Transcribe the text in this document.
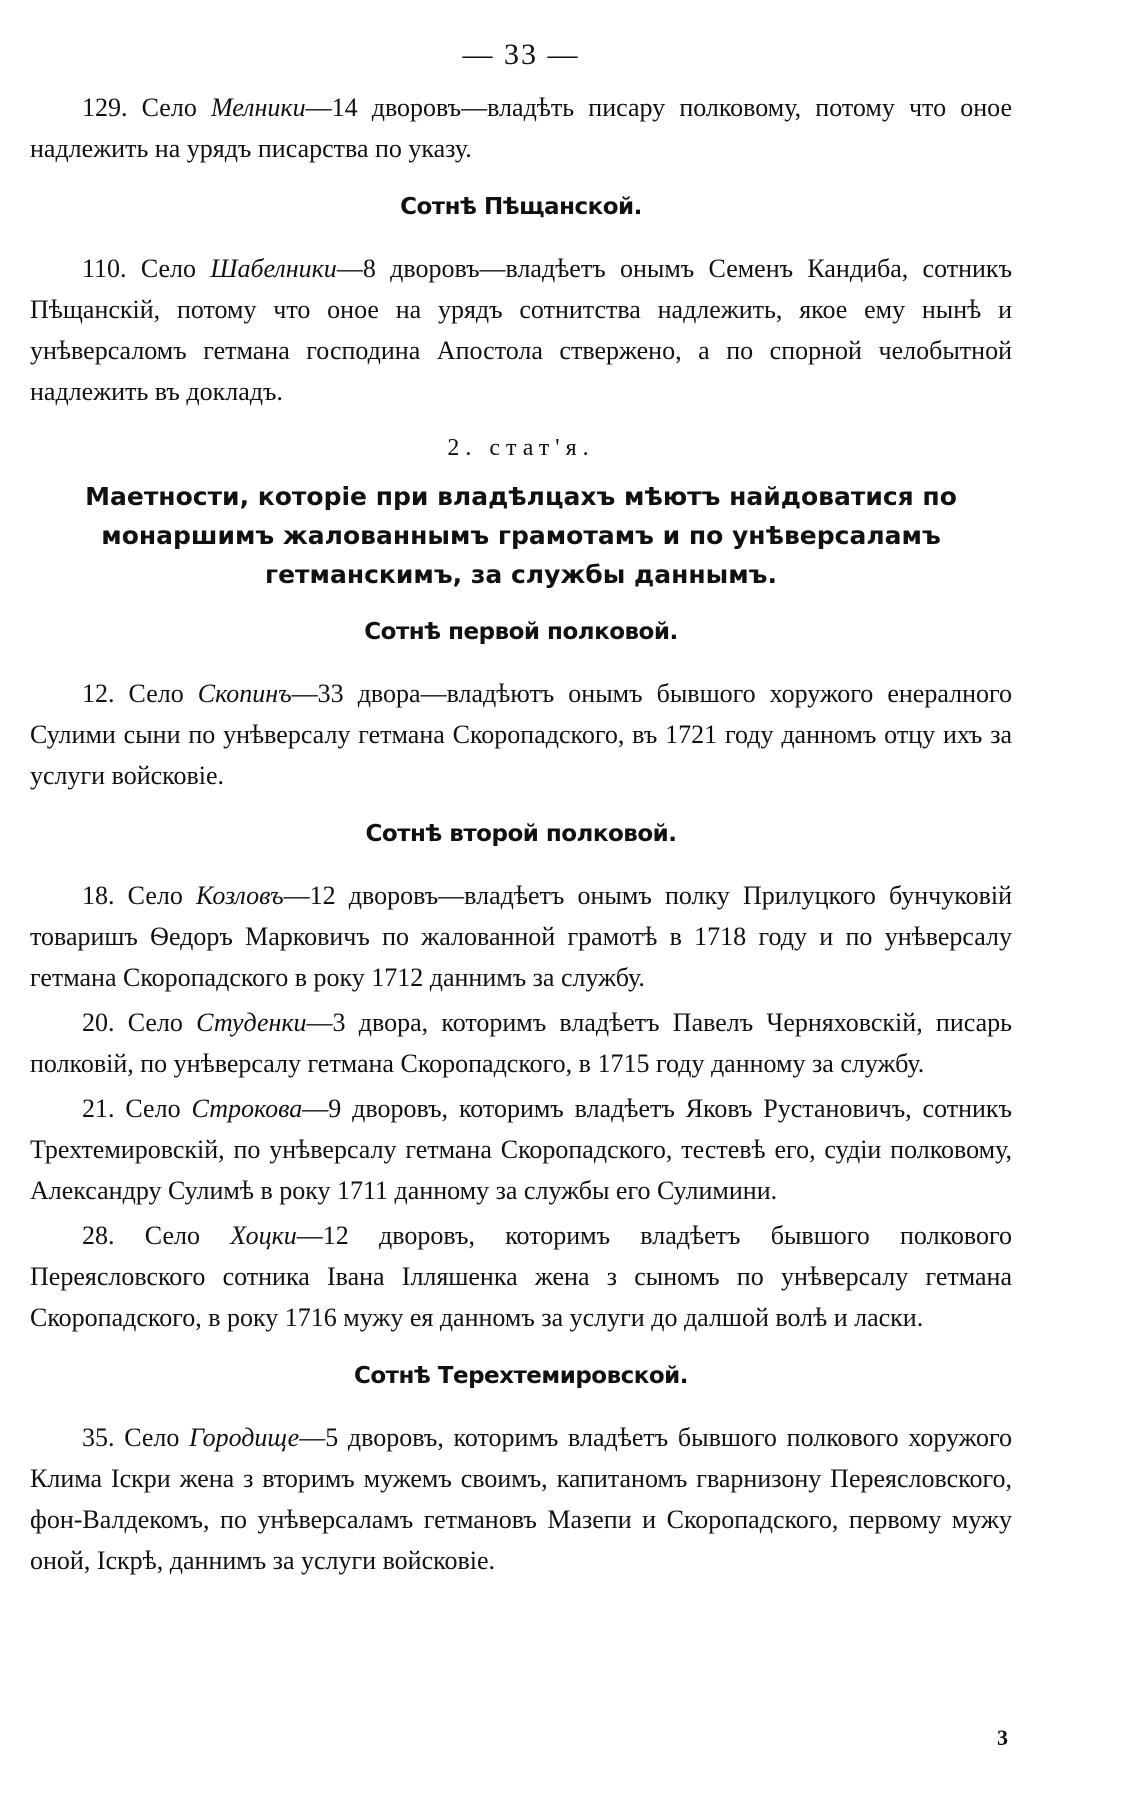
— 33 —

129. Село Мелники—14 дворовъ—владѣть писару полковому, потому что оное надлежить на урядъ писарства по указу.

Сотнѣ Пѣщанской.

110. Село Шабелники—8 дворовъ—владѣетъ онымъ Семенъ Кандиба, сотникъ Пѣщанскій, потому что оное на урядъ сотнитства надлежить, якое ему нынѣ и унѣверсаломъ гетмана господина Апостола ствержено, а по спорной челобытной надлежить въ докладъ.

2. стат'я.
Маетности, которіе при владѣлцахъ мѣютъ найдоватися по монаршимъ жалованнымъ грамотамъ и по унѣверсаламъ гетманскимъ, за службы даннымъ.
Сотнѣ первой полковой.

12. Село Скопинъ—33 двора—владѣютъ онымъ бывшого хоружого енералного Сулими сыни по унѣверсалу гетмана Скоропадского, въ 1721 году данномъ отцу ихъ за услуги войсковіе.

Сотнѣ второй полковой.

18. Село Козловъ—12 дворовъ—владѣетъ онымъ полку Прилуцкого бунчуковій товаришъ Ѳедоръ Марковичъ по жалованной грамотѣ в 1718 году и по унѣверсалу гетмана Скоропадского в року 1712 даннимъ за службу.

20. Село Студенки—3 двора, которимъ владѣетъ Павелъ Черняховскій, писарь полковій, по унѣверсалу гетмана Скоропадского, в 1715 году данному за службу.

21. Село Строкова—9 дворовъ, которимъ владѣетъ Яковъ Рустановичъ, сотникъ Трехтемировскій, по унѣверсалу гетмана Скоропадского, тестевѣ его, судіи полковому, Александру Сулимѣ в року 1711 данному за службы его Сулимини.

28. Село Хоцки—12 дворовъ, которимъ владѣетъ бывшого полкового Переясловского сотника Івана Ілляшенка жена з сыномъ по унѣверсалу гетмана Скоропадского, в року 1716 мужу ея данномъ за услуги до далшой волѣ и ласки.

Сотнѣ Терехтемировской.

35. Село Городище—5 дворовъ, которимъ владѣетъ бывшого полкового хоружого Клима Іскри жена з вторимъ мужемъ своимъ, капитаномъ гварнизону Переясловского, фон-Валдекомъ, по унѣверсаламъ гетмановъ Мазепи и Скоропадского, первому мужу оной, Іскрѣ, даннимъ за услуги войсковіе.

3
